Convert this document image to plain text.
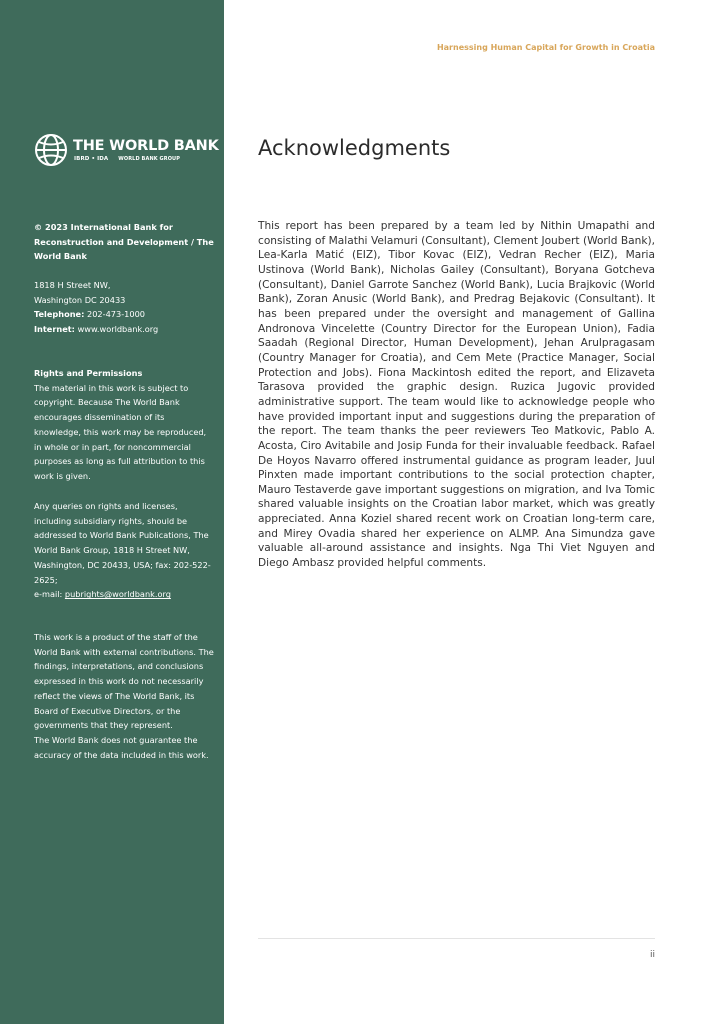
THE WORLD BANK
IBRD • IDA WORLD BANK GROUP

© 2023 International Bank for Reconstruction and Development / The World Bank

1818 H Street NW,

Washington DC 20433

Telephone: 202-473-1000

Internet: www.worldbank.org

Rights and Permissions

The material in this work is subject to copyright. Because The World Bank encourages dissemination of its knowledge, this work may be reproduced, in whole or in part, for noncommercial purposes as long as full attribution to this work is given.

Any queries on rights and licenses, including subsidiary rights, should be addressed to World Bank Publications, The World Bank Group, 1818 H Street NW, Washington, DC 20433, USA; fax: 202-522-2625;

e-mail: pubrights@worldbank.org

This work is a product of the staff of the World Bank with external contributions. The findings, interpretations, and conclusions expressed in this work do not necessarily reflect the views of The World Bank, its Board of Executive Directors, or the governments that they represent.

The World Bank does not guarantee the accuracy of the data included in this work.

Harnessing Human Capital for Growth in Croatia
Acknowledgments

This report has been prepared by a team led by Nithin Umapathi and consisting of Malathi Velamuri (Consultant), Clement Joubert (World Bank), Lea-Karla Matić (EIZ), Tibor Kovac (EIZ), Vedran Recher (EIZ), Maria Ustinova (World Bank), Nicholas Gailey (Consultant), Boryana Gotcheva (Consultant), Daniel Garrote Sanchez (World Bank), Lucia Brajkovic (World Bank), Zoran Anusic (World Bank), and Predrag Bejakovic (Consultant). It has been prepared under the oversight and management of Gallina Andronova Vincelette (Country Director for the European Union), Fadia Saadah (Regional Director, Human Development), Jehan Arulpragasam (Country Manager for Croatia), and Cem Mete (Practice Manager, Social Protection and Jobs). Fiona Mackintosh edited the report, and Elizaveta Tarasova provided the graphic design. Ruzica Jugovic provided administrative support. The team would like to acknowledge people who have provided important input and suggestions during the preparation of the report. The team thanks the peer reviewers Teo Matkovic, Pablo A. Acosta, Ciro Avitabile and Josip Funda for their invaluable feedback. Rafael De Hoyos Navarro offered instrumental guidance as program leader, Juul Pinxten made important contributions to the social protection chapter, Mauro Testaverde gave important suggestions on migration, and Iva Tomic shared valuable insights on the Croatian labor market, which was greatly appreciated. Anna Koziel shared recent work on Croatian long-term care, and Mirey Ovadia shared her experience on ALMP. Ana Simundza gave valuable all-around assistance and insights. Nga Thi Viet Nguyen and Diego Ambasz provided helpful comments.

ii
